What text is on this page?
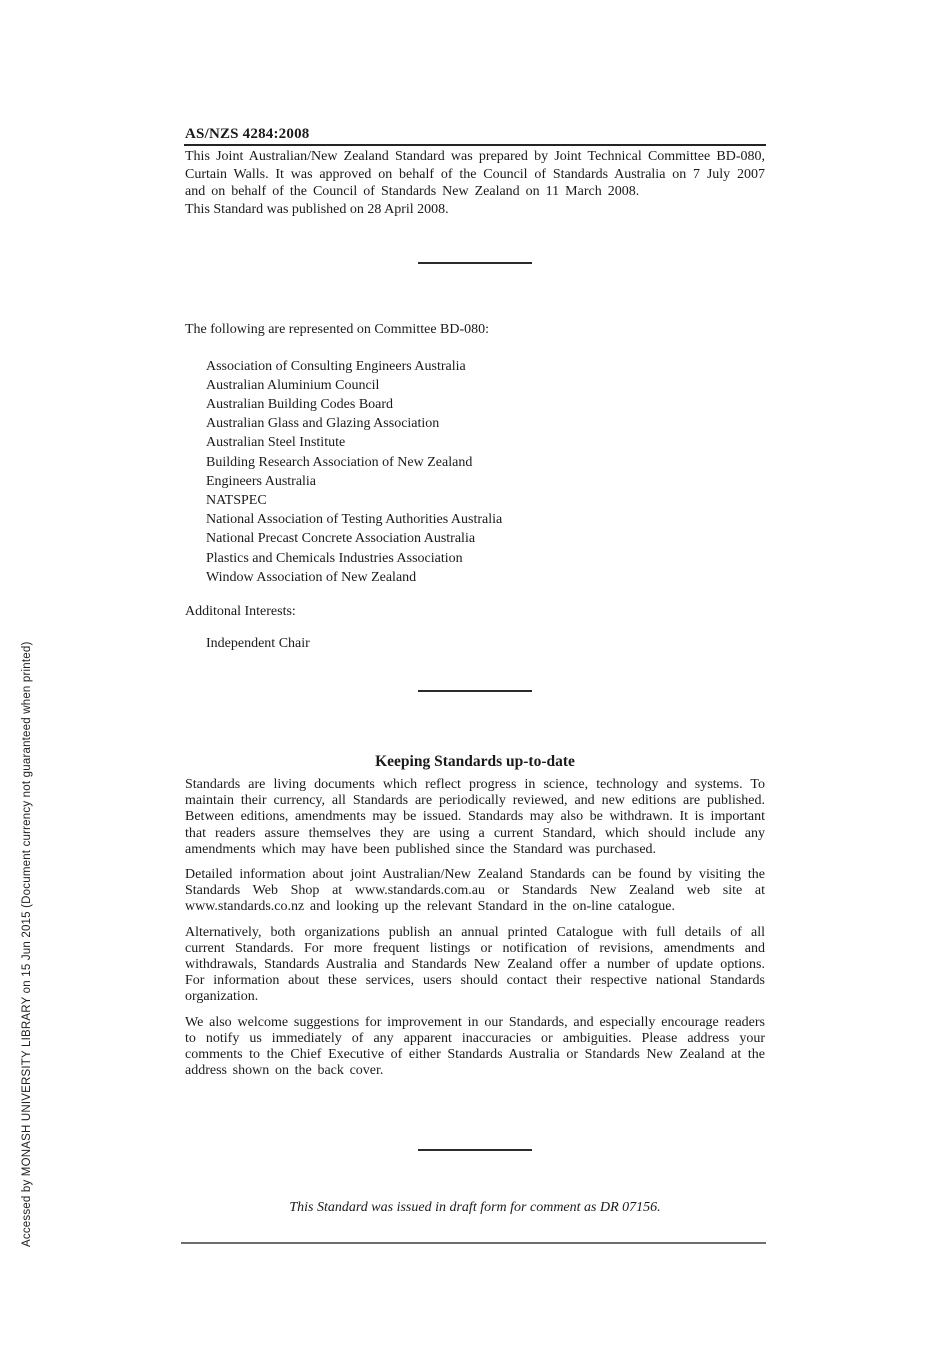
Accessed by MONASH UNIVERSITY LIBRARY on 15 Jun 2015 (Document currency not guaranteed when printed)
AS/NZS 4284:2008

This Joint Australian/New Zealand Standard was prepared by Joint Technical Committee BD-080, Curtain Walls. It was approved on behalf of the Council of Standards Australia on 7 July 2007 and on behalf of the Council of Standards New Zealand on 11 March 2008.

This Standard was published on 28 April 2008.

The following are represented on Committee BD-080:

Association of Consulting Engineers Australia
Australian Aluminium Council
Australian Building Codes Board
Australian Glass and Glazing Association
Australian Steel Institute
Building Research Association of New Zealand
Engineers Australia
NATSPEC
National Association of Testing Authorities Australia
National Precast Concrete Association Australia
Plastics and Chemicals Industries Association
Window Association of New Zealand

Additonal Interests:

Independent Chair

Keeping Standards up-to-date

Standards are living documents which reflect progress in science, technology and systems. To maintain their currency, all Standards are periodically reviewed, and new editions are published. Between editions, amendments may be issued. Standards may also be withdrawn. It is important that readers assure themselves they are using a current Standard, which should include any amendments which may have been published since the Standard was purchased.

Detailed information about joint Australian/New Zealand Standards can be found by visiting the Standards Web Shop at www.standards.com.au or Standards New Zealand web site at www.standards.co.nz and looking up the relevant Standard in the on-line catalogue.

Alternatively, both organizations publish an annual printed Catalogue with full details of all current Standards. For more frequent listings or notification of revisions, amendments and withdrawals, Standards Australia and Standards New Zealand offer a number of update options. For information about these services, users should contact their respective national Standards organization.

We also welcome suggestions for improvement in our Standards, and especially encourage readers to notify us immediately of any apparent inaccuracies or ambiguities. Please address your comments to the Chief Executive of either Standards Australia or Standards New Zealand at the address shown on the back cover.

This Standard was issued in draft form for comment as DR 07156.
